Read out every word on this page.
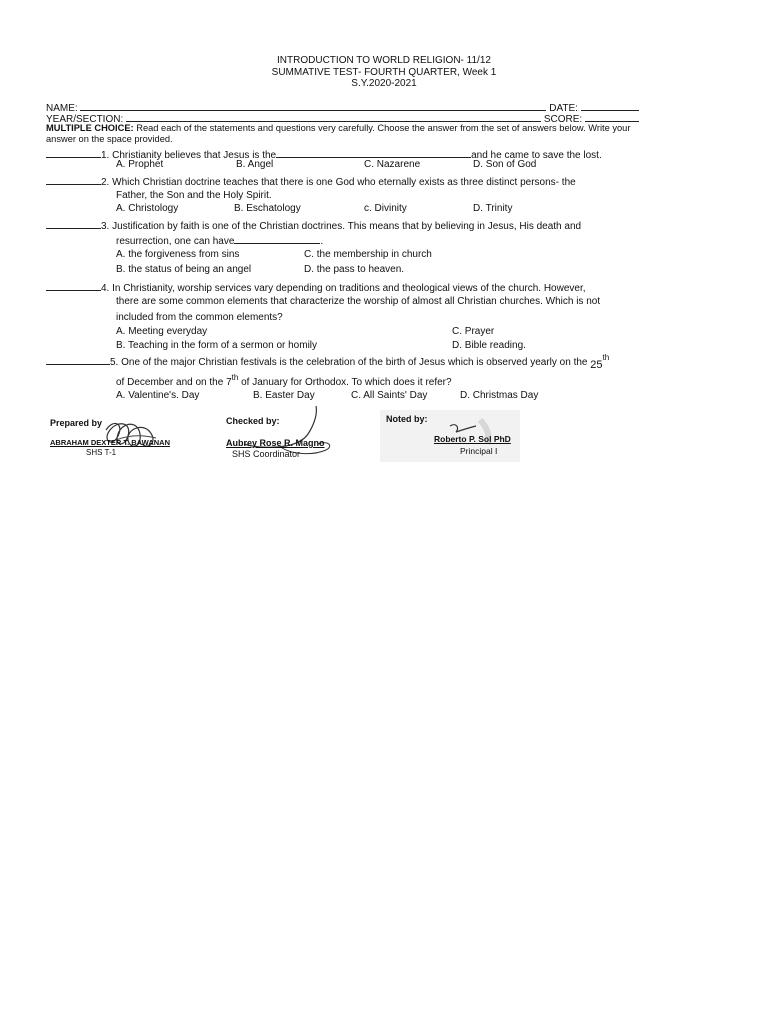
INTRODUCTION TO WORLD RELIGION- 11/12
SUMMATIVE TEST- FOURTH QUARTER, Week 1
S.Y.2020-2021
NAME:	DATE:
YEAR/SECTION:	SCORE:
MULTIPLE CHOICE: Read each of the statements and questions very carefully. Choose the answer from the set of answers below. Write your
answer on the space provided.
1. Christianity believes that Jesus is the	and he came to save the lost.
A. Prophet	B. Angel	C. Nazarene	D. Son of God
2. Which Christian doctrine teaches that there is one God who eternally exists as three distinct persons- the
Father, the Son and the Holy Spirit.
A. Christology	B. Eschatology	c. Divinity	D. Trinity
3. Justification by faith is one of the Christian doctrines. This means that by believing in Jesus, His death and
resurrection, one can have	.
A. the forgiveness from sins	C. the membership in church
B. the status of being an angel	D. the pass to heaven.
4. In Christianity, worship services vary depending on traditions and theological views of the church. However,
there are some common elements that characterize the worship of almost all Christian churches. Which is not
included from the common elements?
A. Meeting everyday	C. Prayer
B. Teaching in the form of a sermon or homily	D. Bible reading.
5. One of the major Christian festivals is the celebration of the birth of Jesus which is observed yearly on the 25th
of December and on the 7th of January for Orthodox. To which does it refer?
A. Valentine's. Day	B. Easter Day	C. All Saints' Day	D. Christmas Day
Prepared by
ABRAHAM DEXTER T. BAWANAN
SHS T-1
Checked by:
Aubrey Rose R. Magno
SHS Coordinator
Noted by:
Roberto P. Sol PhD
Principal I
